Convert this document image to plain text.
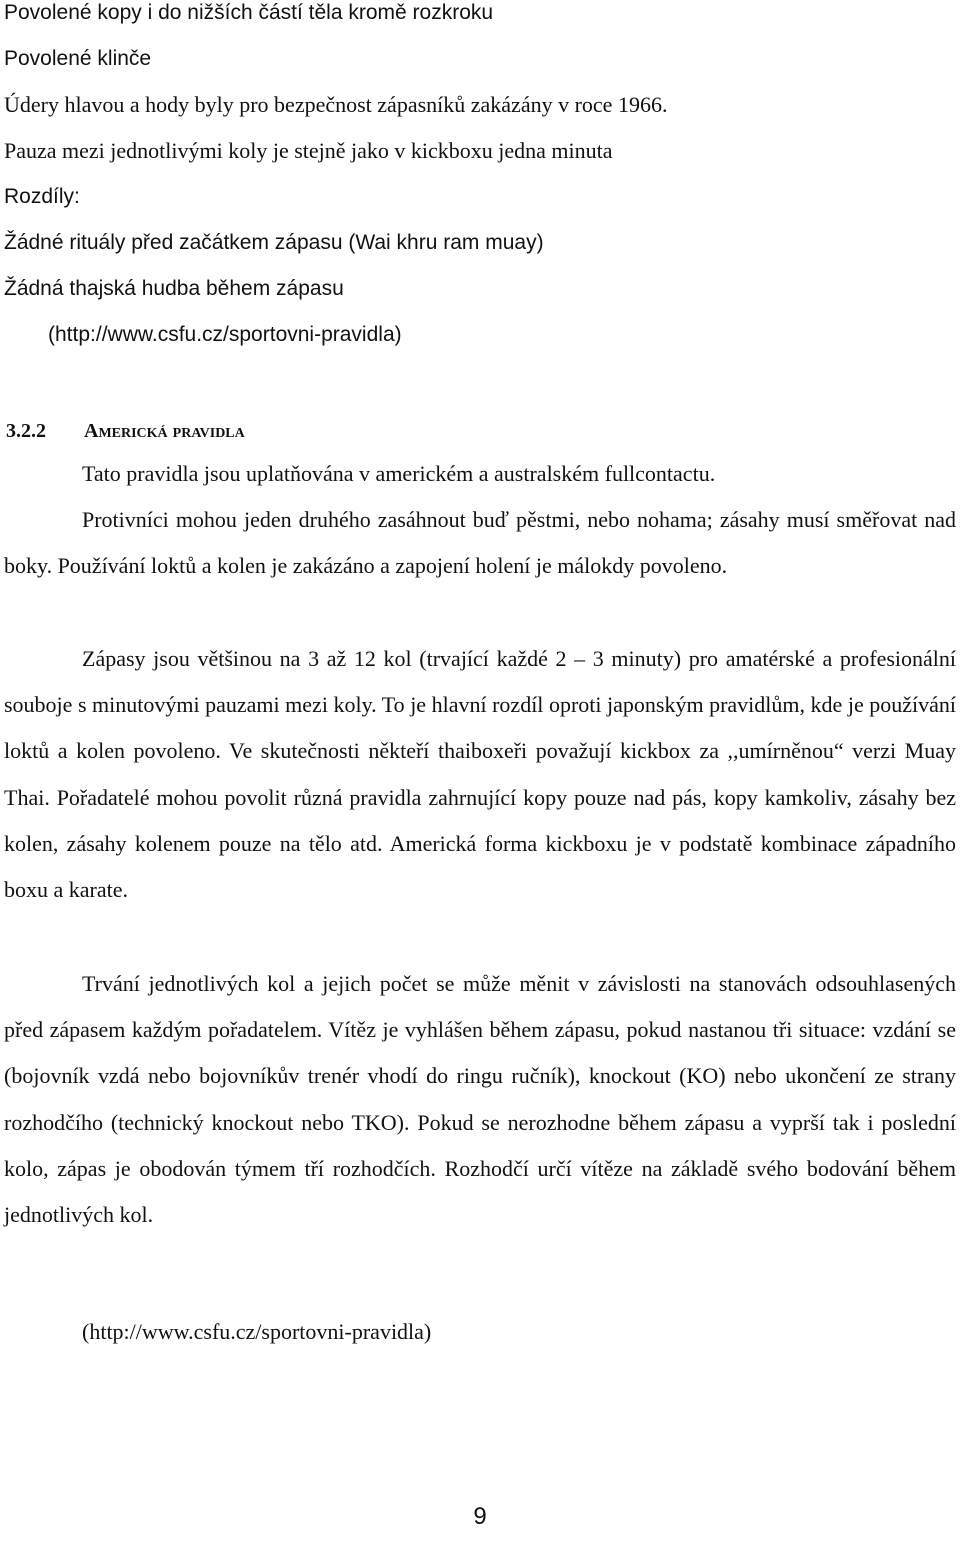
Povolené kopy i do nižších částí těla kromě rozkroku

Povolené klinče

Údery hlavou a hody byly pro bezpečnost zápasníků zakázány v roce 1966.

Pauza mezi jednotlivými koly je stejně jako v kickboxu jedna minuta

Rozdíly:

Žádné rituály před začátkem zápasu (Wai khru ram muay)

Žádná thajská hudba během zápasu

(http://www.csfu.cz/sportovni-pravidla)

3.2.2 Americká pravidla

Tato pravidla jsou uplatňována v americkém a australském fullcontactu.

Protivníci mohou jeden druhého zasáhnout buď pěstmi, nebo nohama; zásahy musí směřovat nad boky. Používání loktů a kolen je zakázáno a zapojení holení je málokdy povoleno.

Zápasy jsou většinou na 3 až 12 kol (trvající každé 2 – 3 minuty) pro amatérské a profesionální souboje s minutovými pauzami mezi koly. To je hlavní rozdíl oproti japonským pravidlům, kde je používání loktů a kolen povoleno. Ve skutečnosti někteří thaiboxeři považují kickbox za ,,umírněnou“ verzi Muay Thai. Pořadatelé mohou povolit různá pravidla zahrnující kopy pouze nad pás, kopy kamkoliv, zásahy bez kolen, zásahy kolenem pouze na tělo atd. Americká forma kickboxu je v podstatě kombinace západního boxu a karate.

Trvání jednotlivých kol a jejich počet se může měnit v závislosti na stanovách odsouhlasených před zápasem každým pořadatelem. Vítěz je vyhlášen během zápasu, pokud nastanou tři situace: vzdání se (bojovník vzdá nebo bojovníkův trenér vhodí do ringu ručník), knockout (KO) nebo ukončení ze strany rozhodčího (technický knockout nebo TKO). Pokud se nerozhodne během zápasu a vyprší tak i poslední kolo, zápas je obodován týmem tří rozhodčích. Rozhodčí určí vítěze na základě svého bodování během jednotlivých kol.

(http://www.csfu.cz/sportovni-pravidla)

9
